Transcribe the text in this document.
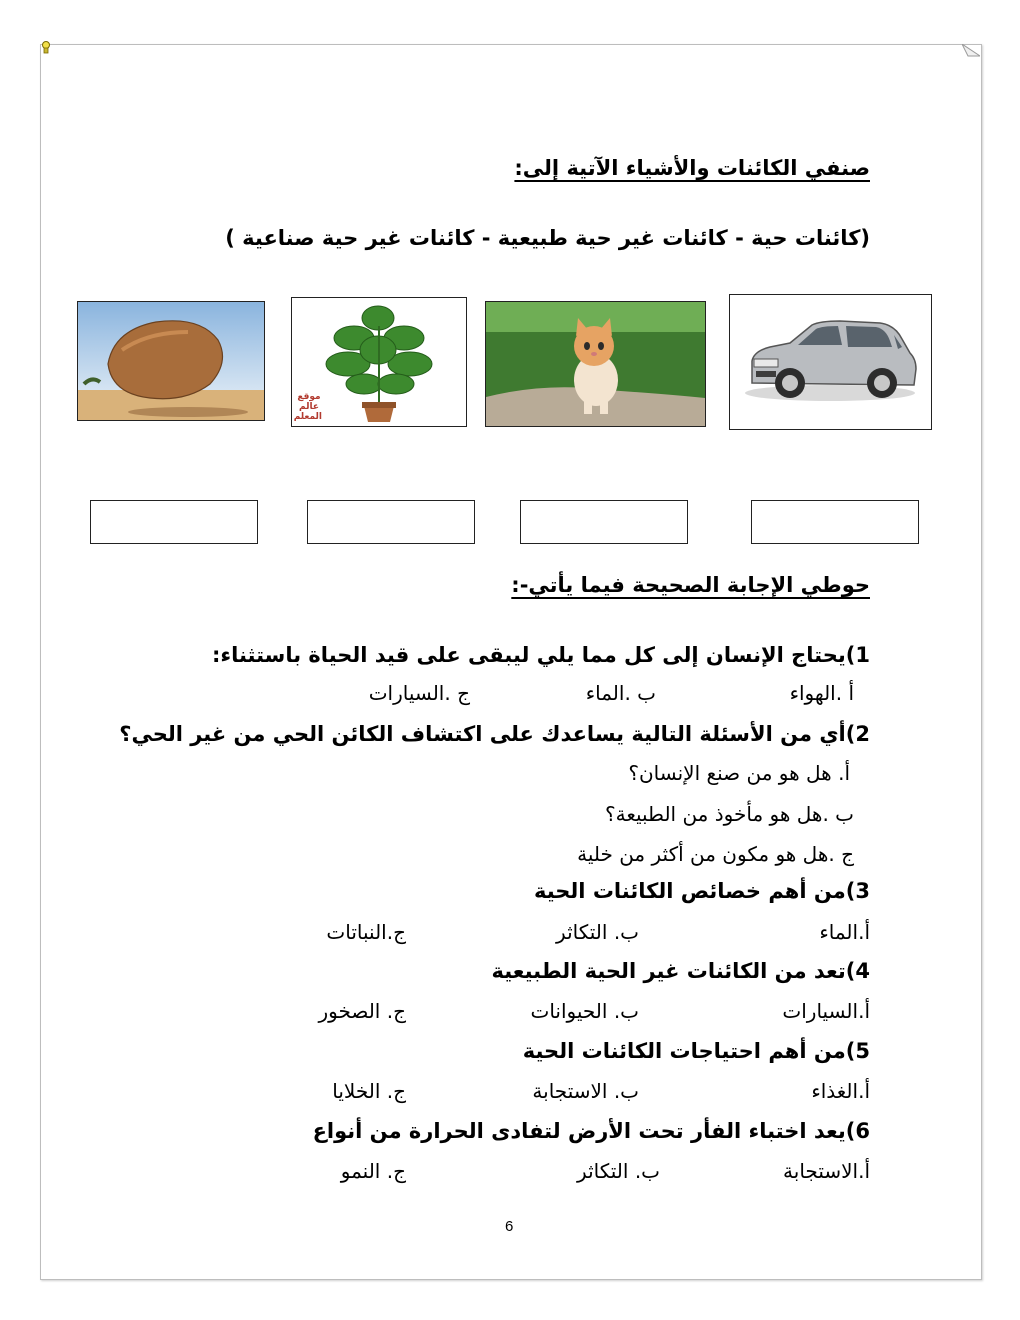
صنفي الكائنات والأشياء الآتية إلى:
(كائنات حية - كائنات غير حية طبيعية - كائنات غير حية صناعية )
موقع عالم المعلم
حوطي الإجابة الصحيحة فيما يأتي-:
1)يحتاج الإنسان إلى كل مما يلي ليبقى على قيد الحياة باستثناء:
أ .الهواء
ب .الماء
ج .السيارات
2)أي من الأسئلة التالية يساعدك على اكتشاف الكائن الحي من غير الحي؟
أ. هل هو من صنع الإنسان؟
ب .هل هو مأخوذ من الطبيعة؟
ج .هل هو مكون من أكثر من خلية
3)من أهم خصائص الكائنات الحية
أ.الماء
ب. التكاثر
ج.النباتات
4)تعد من الكائنات غير الحية الطبيعية
أ.السيارات
ب. الحيوانات
ج. الصخور
5)من أهم احتياجات الكائنات الحية
أ.الغذاء
ب. الاستجابة
ج. الخلايا
6)يعد اختباء الفأر تحت الأرض لتفادى الحرارة من أنواع
أ.الاستجابة
ب. التكاثر
ج. النمو
6
